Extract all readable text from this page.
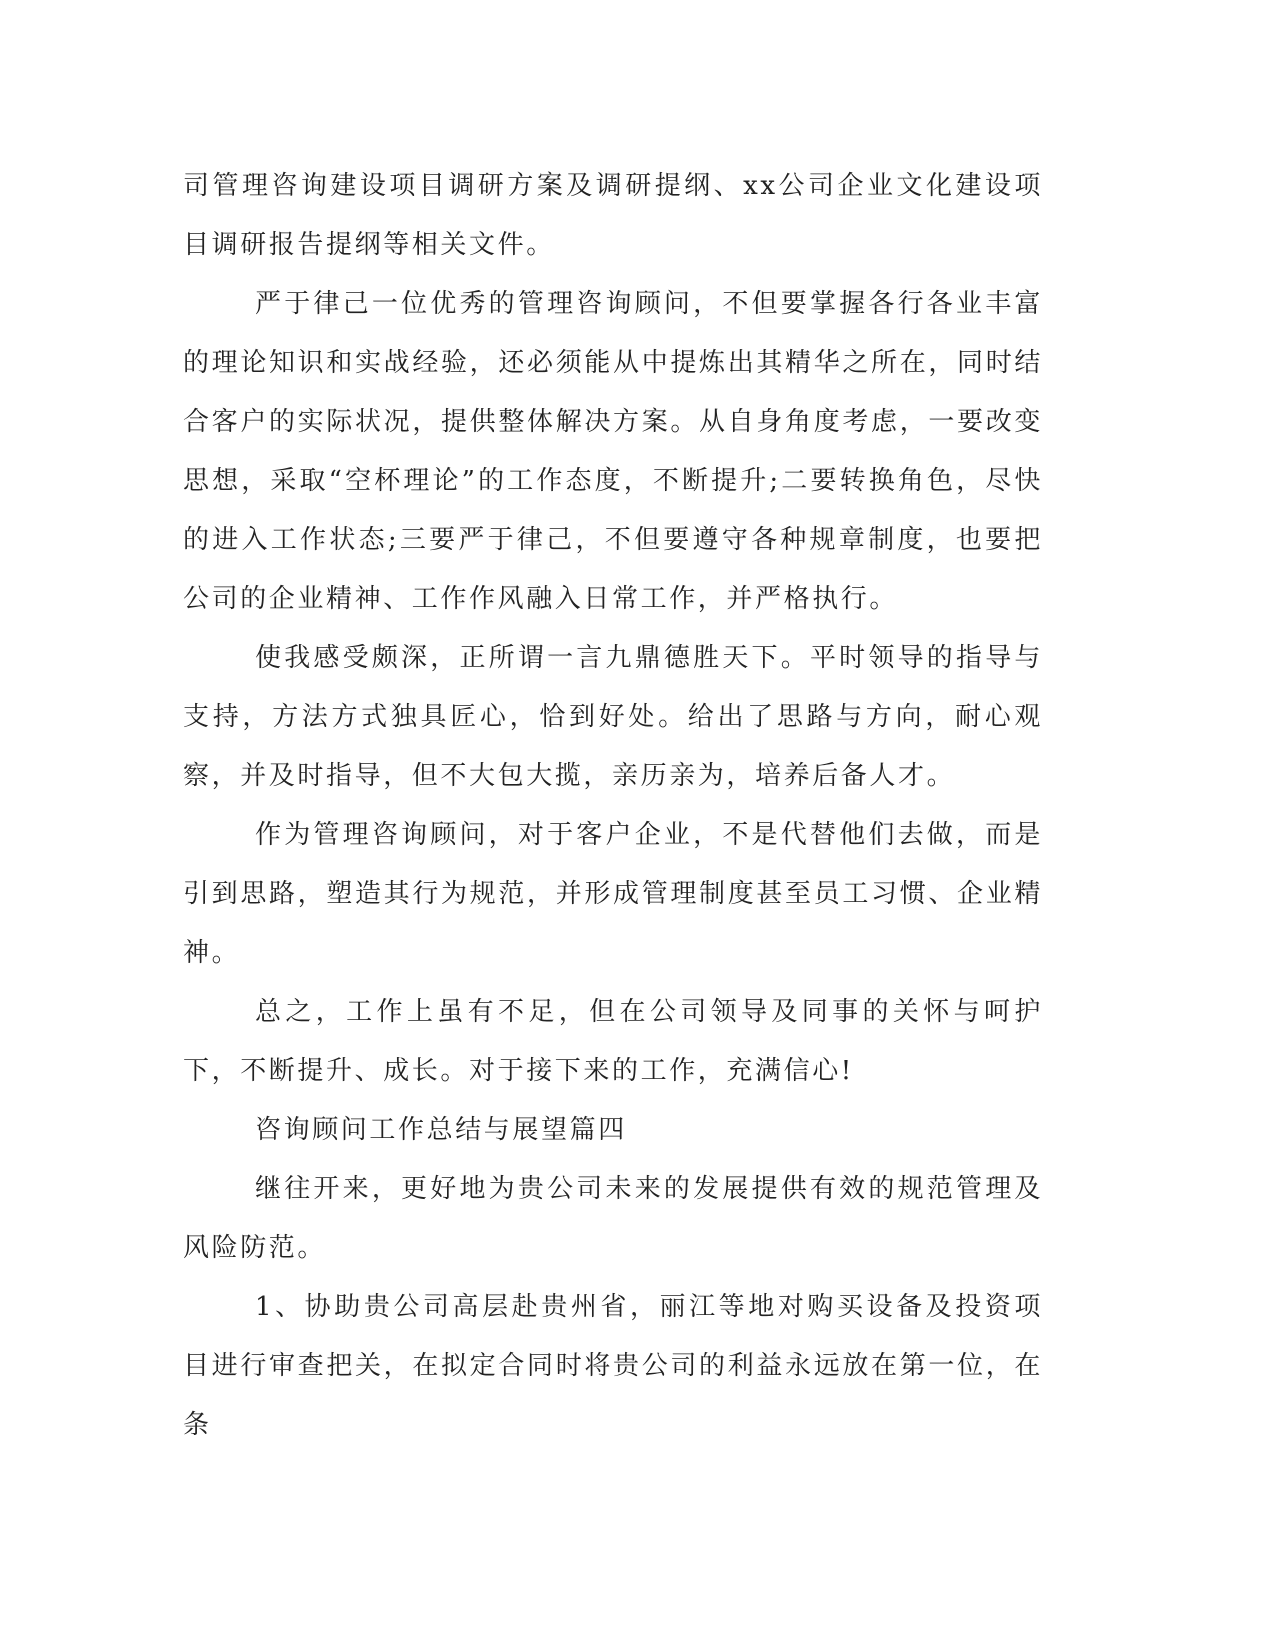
司管理咨询建设项目调研方案及调研提纲、xx公司企业文化建设项目调研报告提纲等相关文件。

严于律己一位优秀的管理咨询顾问，不但要掌握各行各业丰富的理论知识和实战经验，还必须能从中提炼出其精华之所在，同时结合客户的实际状况，提供整体解决方案。从自身角度考虑，一要改变思想，采取“空杯理论”的工作态度，不断提升;二要转换角色，尽快的进入工作状态;三要严于律己，不但要遵守各种规章制度，也要把公司的企业精神、工作作风融入日常工作，并严格执行。

使我感受颇深，正所谓一言九鼎德胜天下。平时领导的指导与支持，方法方式独具匠心，恰到好处。给出了思路与方向，耐心观察，并及时指导，但不大包大揽，亲历亲为，培养后备人才。

作为管理咨询顾问，对于客户企业，不是代替他们去做，而是引到思路，塑造其行为规范，并形成管理制度甚至员工习惯、企业精神。

总之，工作上虽有不足，但在公司领导及同事的关怀与呵护下，不断提升、成长。对于接下来的工作，充满信心!

咨询顾问工作总结与展望篇四

继往开来，更好地为贵公司未来的发展提供有效的规范管理及风险防范。

1、协助贵公司高层赴贵州省，丽江等地对购买设备及投资项目进行审查把关，在拟定合同时将贵公司的利益永远放在第一位，在条
